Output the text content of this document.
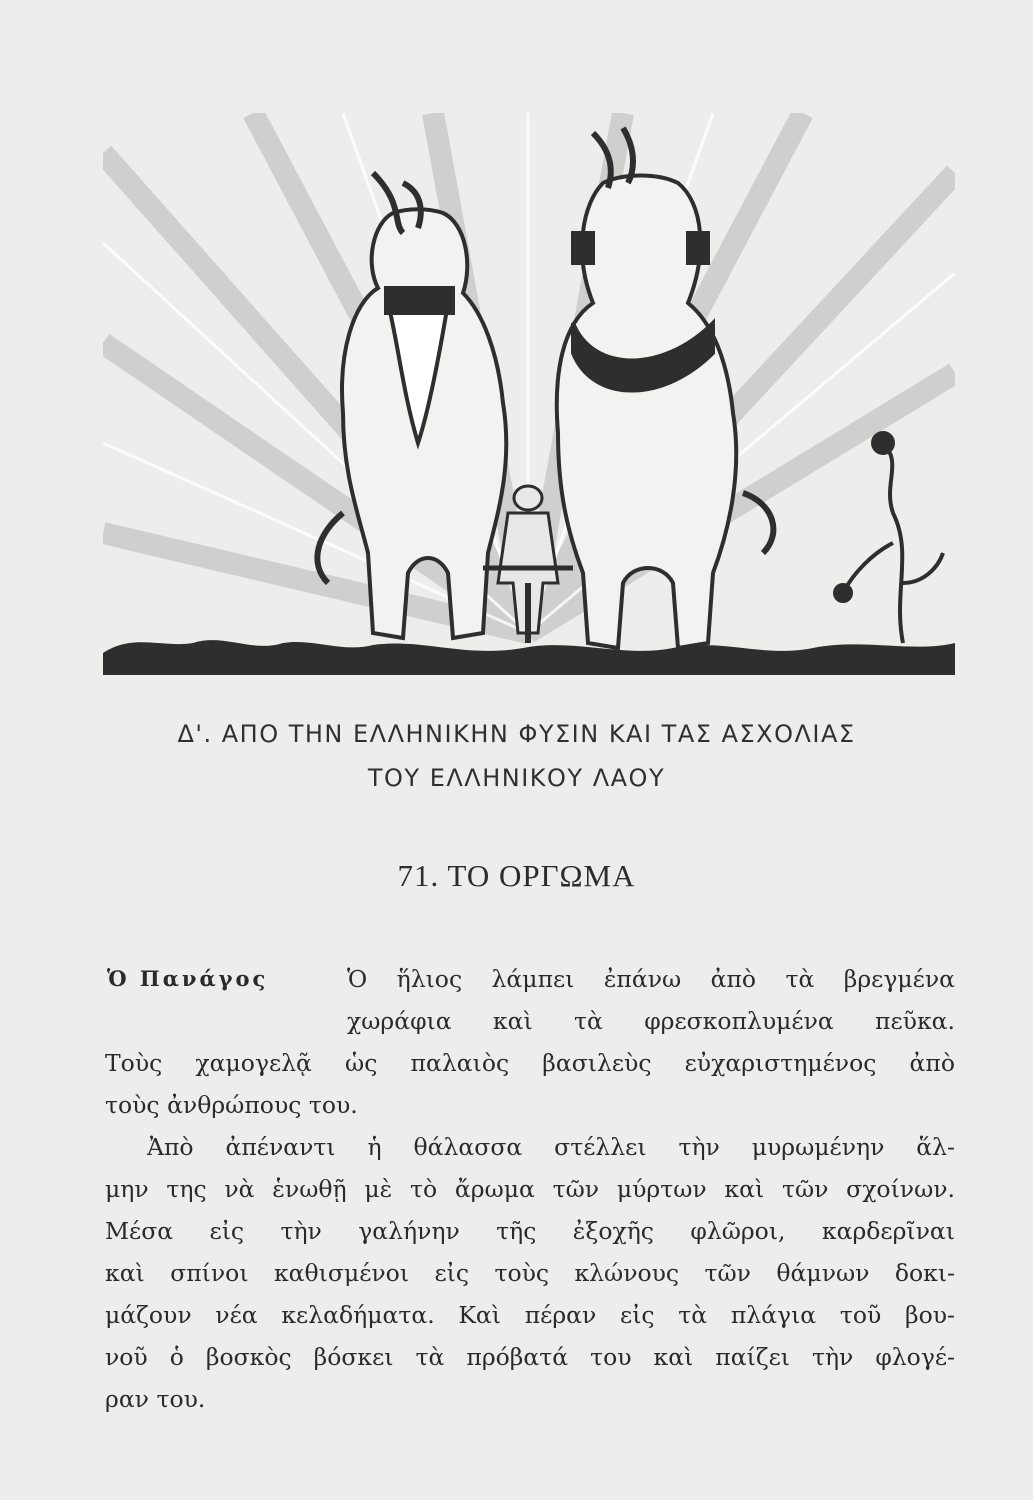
Δ'. ΑΠΟ ΤΗΝ ΕΛΛΗΝΙΚΗΝ ΦΥΣΙΝ ΚΑΙ ΤΑΣ ΑΣΧΟΛΙΑΣ
ΤΟΥ ΕΛΛΗΝΙΚΟΥ ΛΑΟΥ
71. ΤΟ ΟΡΓΩΜΑ
Ὁ Πανάγος	Ὁ ἥλιος λάμπει ἐπάνω ἀπὸ τὰ βρεγμένα
χωράφια καὶ τὰ φρεσκοπλυμένα πεῦκα.
Τοὺς χαμογελᾷ ὡς παλαιὸς βασιλεὺς εὐχαριστημένος ἀπὸ
τοὺς ἀνθρώπους του.
Ἀπὸ ἀπέναντι ἡ θάλασσα στέλλει τὴν μυρωμένην ἅλ-
μην της νὰ ἑνωθῇ μὲ τὸ ἄρωμα τῶν μύρτων καὶ τῶν σχοίνων.
Μέσα εἰς τὴν γαλήνην τῆς ἐξοχῆς φλῶροι, καρδερῖναι
καὶ σπίνοι καθισμένοι εἰς τοὺς κλώνους τῶν θάμνων δοκι-
μάζουν νέα κελαδήματα. Καὶ πέραν εἰς τὰ πλάγια τοῦ βου-
νοῦ ὁ βοσκὸς βόσκει τὰ πρόβατά του καὶ παίζει τὴν φλογέ-
ραν του.
